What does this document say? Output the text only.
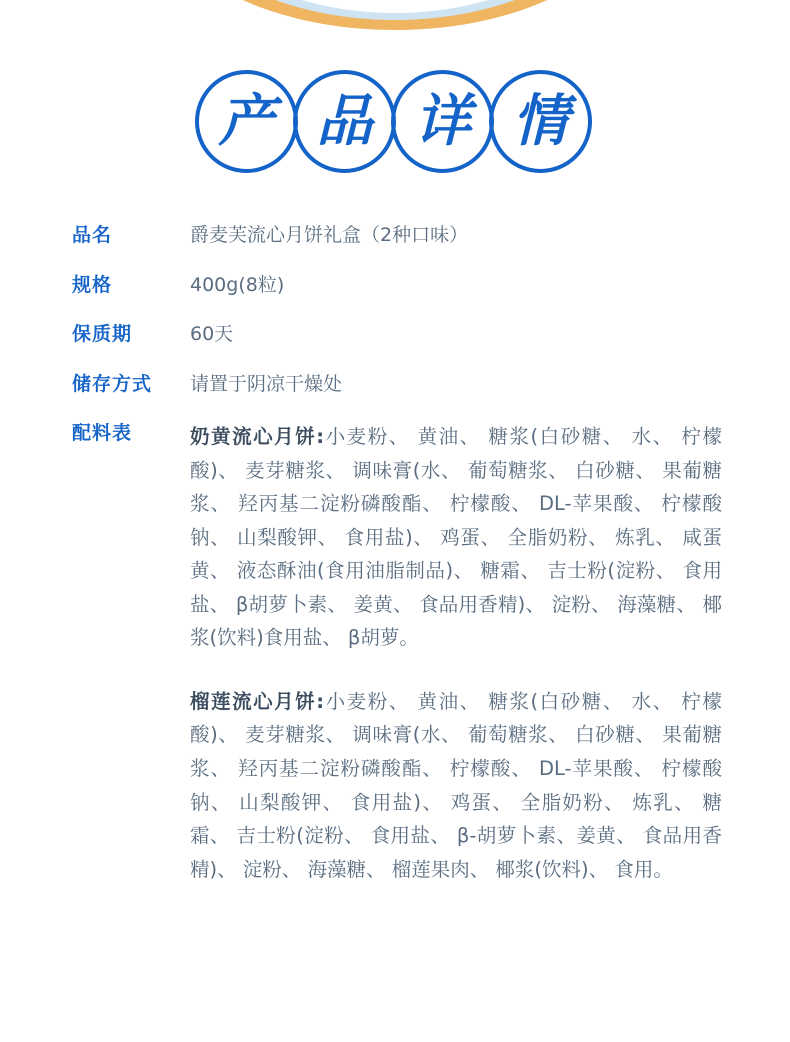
产 品 详 情
品名	爵麦芙流心月饼礼盒（2种口味）
规格	400g(8粒)
保质期	60天
储存方式	请置于阴凉干燥处
配料表	奶黄流心月饼:小麦粉、 黄油、 糖浆(白砂糖、 水、 柠檬酸)、 麦芽糖浆、 调味膏(水、 葡萄糖浆、 白砂糖、 果葡糖浆、 羟丙基二淀粉磷酸酯、 柠檬酸、 DL-苹果酸、 柠檬酸钠、 山梨酸钾、 食用盐)、 鸡蛋、 全脂奶粉、 炼乳、 咸蛋黄、 液态酥油(食用油脂制品)、 糖霜、 吉士粉(淀粉、 食用盐、 β胡萝卜素、 姜黄、 食品用香精)、 淀粉、 海藻糖、 椰浆(饮料)食用盐、 β胡萝。

榴莲流心月饼:小麦粉、 黄油、 糖浆(白砂糖、 水、 柠檬酸)、 麦芽糖浆、 调味膏(水、 葡萄糖浆、 白砂糖、 果葡糖浆、 羟丙基二淀粉磷酸酯、 柠檬酸、 DL-苹果酸、 柠檬酸钠、 山梨酸钾、 食用盐)、 鸡蛋、 全脂奶粉、 炼乳、 糖霜、 吉士粉(淀粉、 食用盐、 β-胡萝卜素、姜黄、 食品用香精)、 淀粉、 海藻糖、 榴莲果肉、 椰浆(饮料)、 食用。
